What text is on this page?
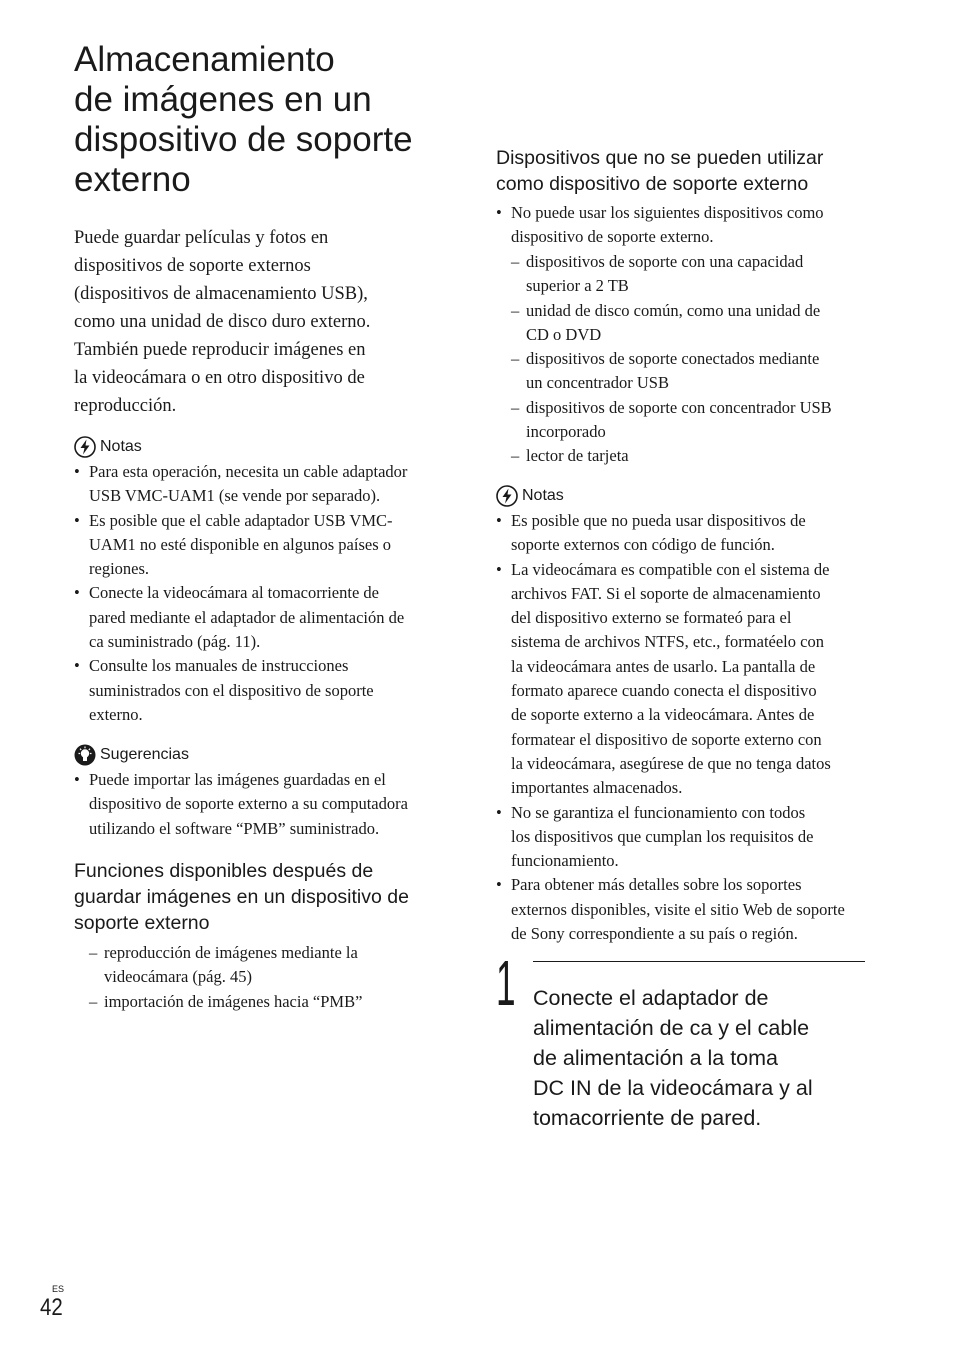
Almacenamiento
de imágenes en un
dispositivo de soporte
externo

Puede guardar películas y fotos en
dispositivos de soporte externos
(dispositivos de almacenamiento USB),
como una unidad de disco duro externo.
También puede reproducir imágenes en
la videocámara o en otro dispositivo de
reproducción.

Notas
• Para esta operación, necesita un cable adaptador
USB VMC-UAM1 (se vende por separado).
• Es posible que el cable adaptador USB VMC-
UAM1 no esté disponible en algunos países o
regiones.
• Conecte la videocámara al tomacorriente de
pared mediante el adaptador de alimentación de
ca suministrado (pág. 11).
• Consulte los manuales de instrucciones
suministrados con el dispositivo de soporte
externo.
Sugerencias
• Puede importar las imágenes guardadas en el
dispositivo de soporte externo a su computadora
utilizando el software “PMB” suministrado.
Funciones disponibles después de
guardar imágenes en un dispositivo de
soporte externo
– reproducción de imágenes mediante la
videocámara (pág. 45)
– importación de imágenes hacia “PMB”
Dispositivos que no se pueden utilizar
como dispositivo de soporte externo
• No puede usar los siguientes dispositivos como
dispositivo de soporte externo.
– dispositivos de soporte con una capacidad
superior a 2 TB
– unidad de disco común, como una unidad de
CD o DVD
– dispositivos de soporte conectados mediante
un concentrador USB
– dispositivos de soporte con concentrador USB
incorporado
– lector de tarjeta
Notas
• Es posible que no pueda usar dispositivos de
soporte externos con código de función.
• La videocámara es compatible con el sistema de
archivos FAT. Si el soporte de almacenamiento
del dispositivo externo se formateó para el
sistema de archivos NTFS, etc., formatéelo con
la videocámara antes de usarlo. La pantalla de
formato aparece cuando conecta el dispositivo
de soporte externo a la videocámara. Antes de
formatear el dispositivo de soporte externo con
la videocámara, asegúrese de que no tenga datos
importantes almacenados.
• No se garantiza el funcionamiento con todos
los dispositivos que cumplan los requisitos de
funcionamiento.
• Para obtener más detalles sobre los soportes
externos disponibles, visite el sitio Web de soporte
de Sony correspondiente a su país o región.
1 Conecte el adaptador de
alimentación de ca y el cable
de alimentación a la toma
DC IN de la videocámara y al
tomacorriente de pared.

ES
42
